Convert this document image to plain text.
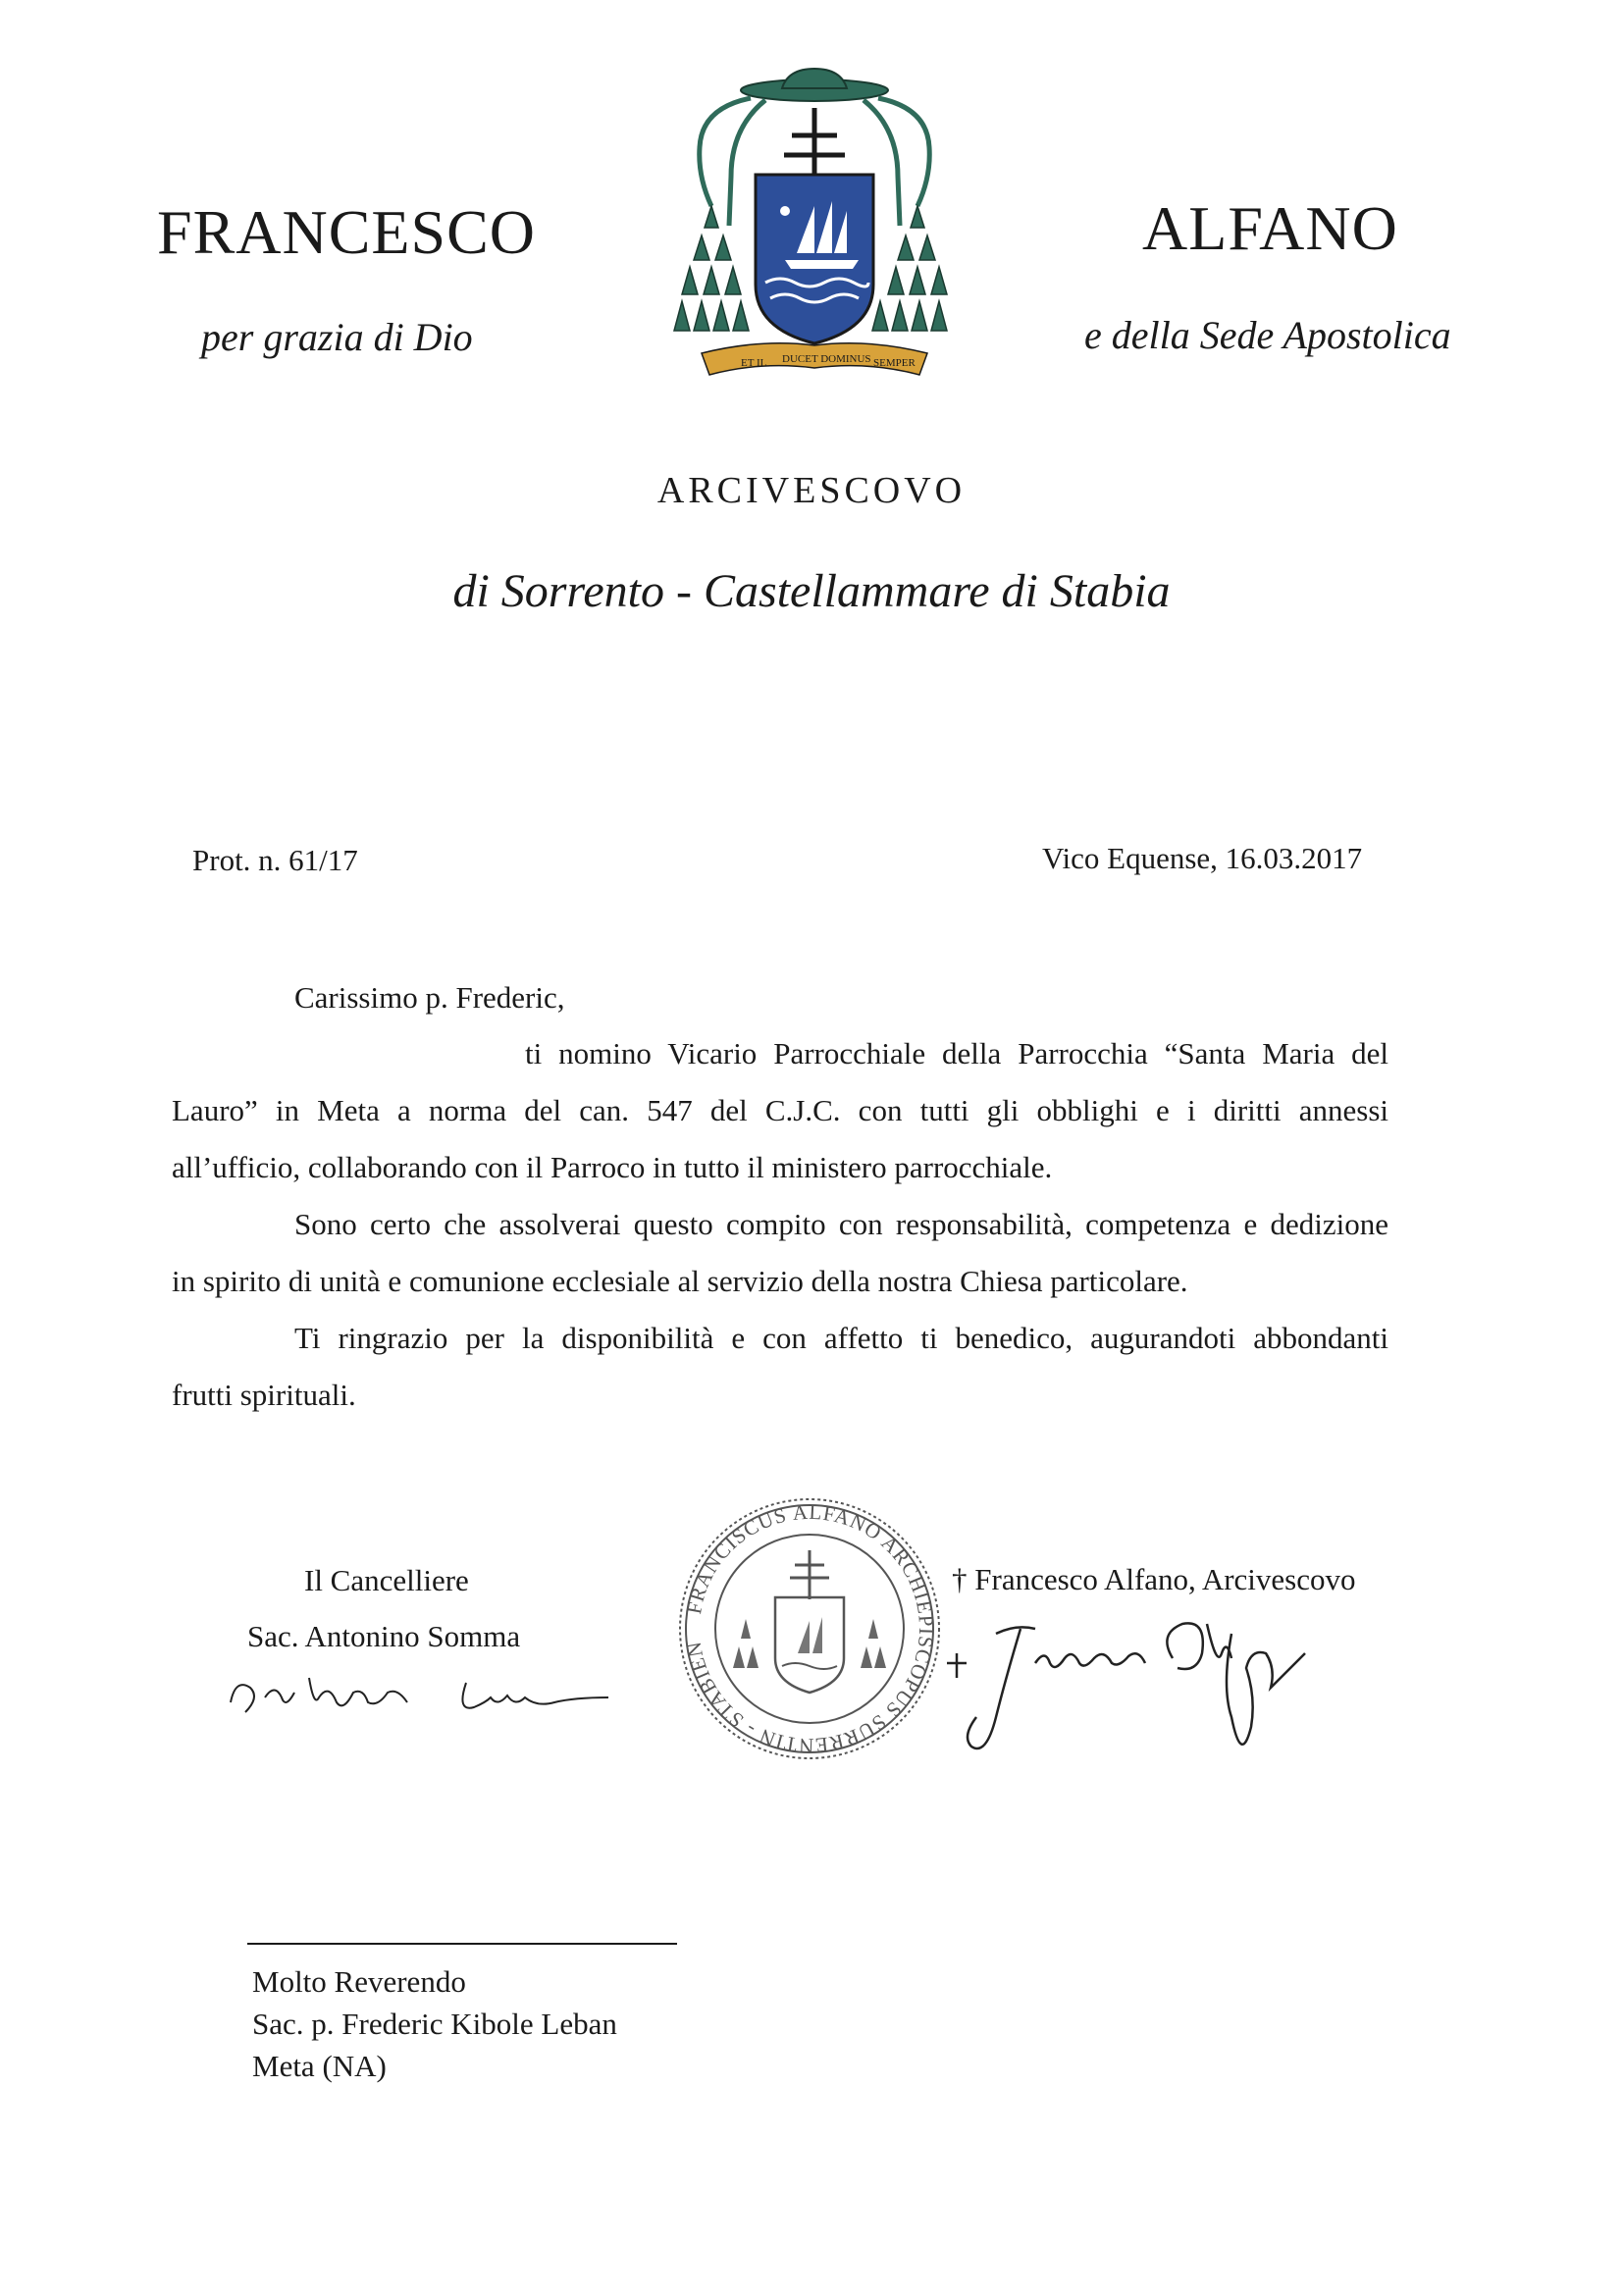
FRANCESCO	ALFANO
per grazia di Dio	e della Sede Apostolica
ET IL DUCET DOMINUS SEMPER
ARCIVESCOVO
di Sorrento - Castellammare di Stabia
Prot. n. 61/17	Vico Equense, 16.03.2017
Carissimo p. Frederic,
ti nomino Vicario Parrocchiale della Parrocchia “Santa Maria del
Lauro” in Meta a norma del can. 547 del C.J.C. con tutti gli obblighi e i diritti annessi
all’ufficio, collaborando con il Parroco in tutto il ministero parrocchiale.
Sono certo che assolverai questo compito con responsabilità, competenza e dedizione
in spirito di unità e comunione ecclesiale al servizio della nostra Chiesa particolare.
Ti ringrazio per la disponibilità e con affetto ti benedico, augurandoti abbondanti
frutti spirituali.
Il Cancelliere
Sac. Antonino Somma
FRANCISCUS ALFANO ARCHIEPISCOPUS SURRENTIN - STABIEN
† Francesco Alfano, Arcivescovo
Molto Reverendo
Sac. p. Frederic Kibole Leban
Meta (NA)
